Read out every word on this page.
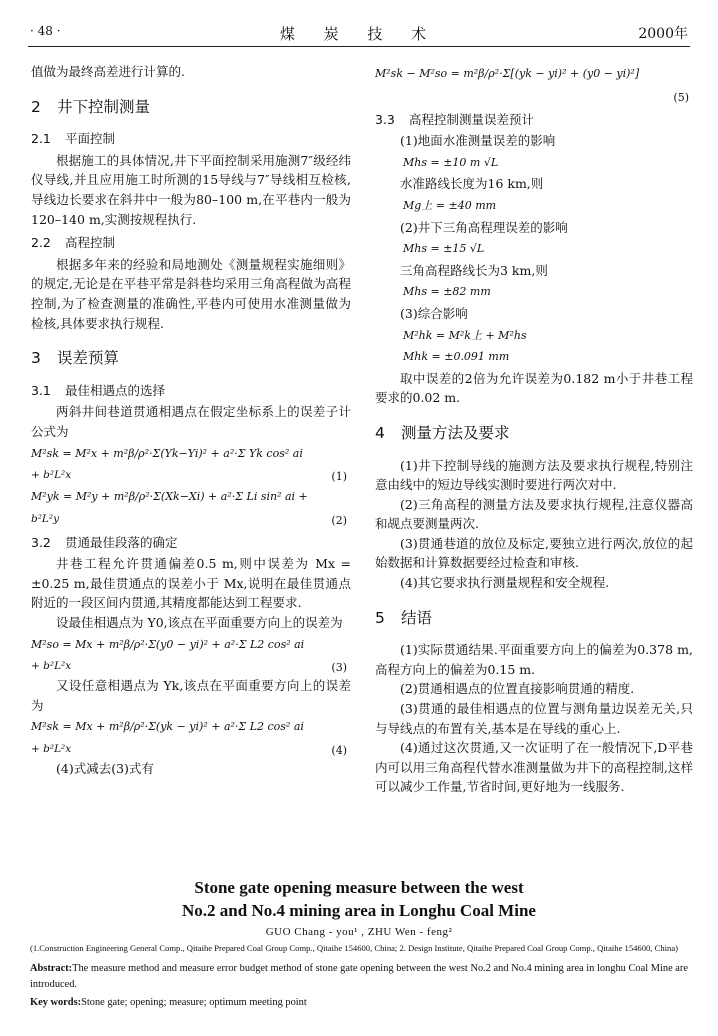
· 48 ·	煤 炭 技 术	2000年

值做为最终高差进行计算的.

2 井下控制测量
2.1 平面控制

根据施工的具体情况,井下平面控制采用施测7″级经纬仪导线,并且应用施工时所测的15导线与7″导线相互检核,导线边长要求在斜井中一般为80–100 m,在平巷内一般为120–140 m,实测按规程执行.

2.2 高程控制

根据多年来的经验和局地测处《测量规程实施细则》的规定,无论是在平巷平常是斜巷均采用三角高程做为高程控制,为了检查测量的准确性,平巷内可使用水准测量做为检核,具体要求执行规程.

3 误差预算
3.1 最佳相遇点的选择

两斜井间巷道贯通相遇点在假定坐标系上的误差子计公式为

M²sk = M²x + m²β/ρ²·Σ(Yk−Yi)² + a²·Σ Yk cos² ai
+ b²L²x	(1)
M²yk = M²y + m²β/ρ²·Σ(Xk−Xi) + a²·Σ Li sin² ai +
b²L²y	(2)
3.2 贯通最佳段落的确定

井巷工程允许贯通偏差0.5 m,则中误差为 Mx = ±0.25 m,最佳贯通点的误差小于 Mx,说明在最佳贯通点附近的一段区间内贯通,其精度都能达到工程要求.

设最佳相遇点为 Y0,该点在平面重要方向上的误差为

M²so = Mx + m²β/ρ²·Σ(y0 − yi)² + a²·Σ L2 cos² ai
+ b²L²x	(3)

又设任意相遇点为 Yk,该点在平面重要方向上的误差为

M²sk = Mx + m²β/ρ²·Σ(yk − yi)² + a²·Σ L2 cos² ai
+ b²L²x	(4)

(4)式减去(3)式有

M²sk − M²so = m²β/ρ²·Σ[(yk − yi)² + (y0 − yi)²]
(5)
3.3 高程控制测量误差预计

(1)地面水准测量误差的影响

Mhs = ±10 m √L

水准路线长度为16 km,则

Mg上 = ±40 mm

(2)井下三角高程理误差的影响

Mhs = ±15 √L

三角高程路线长为3 km,则

Mhs = ±82 mm

(3)综合影响

M²hk = M²k上 + M²hs
Mhk = ±0.091 mm

取中误差的2倍为允许误差为0.182 m小于井巷工程要求的0.02 m.

4 测量方法及要求

(1)井下控制导线的施测方法及要求执行规程,特别注意由线中的短边导线实测时要进行两次对中.

(2)三角高程的测量方法及要求执行规程,注意仪器高和觇点要测量两次.

(3)贯通巷道的放位及标定,要独立进行两次,放位的起始数据和计算数据要经过检查和审核.

(4)其它要求执行测量规程和安全规程.

5 结语

(1)实际贯通结果.平面重要方向上的偏差为0.378 m,高程方向上的偏差为0.15 m.

(2)贯通相遇点的位置直接影响贯通的精度.

(3)贯通的最佳相遇点的位置与测角量边误差无关,只与导线点的布置有关,基本是在导线的重心上.

(4)通过这次贯通,又一次证明了在一般情况下,D平巷内可以用三角高程代替水准测量做为井下的高程控制,这样可以减少工作量,节省时间,更好地为一线服务.

Stone gate opening measure between the west
No.2 and No.4 mining area in Longhu Coal Mine
GUO Chang - you¹ , ZHU Wen - feng²
(1.Construction Engineering General Comp., Qitaihe Prepared Coal Group Comp., Qitaihe 154600, China; 2. Design Institute, Qitaihe Prepared Coal Group Comp., Qitaihe 154600, China)
Abstract:The measure method and measure error budget method of stone gate opening between the west No.2 and No.4 mining area in longhu Coal Mine are introduced.
Key words:Stone gate; opening; measure; optimum meeting point
